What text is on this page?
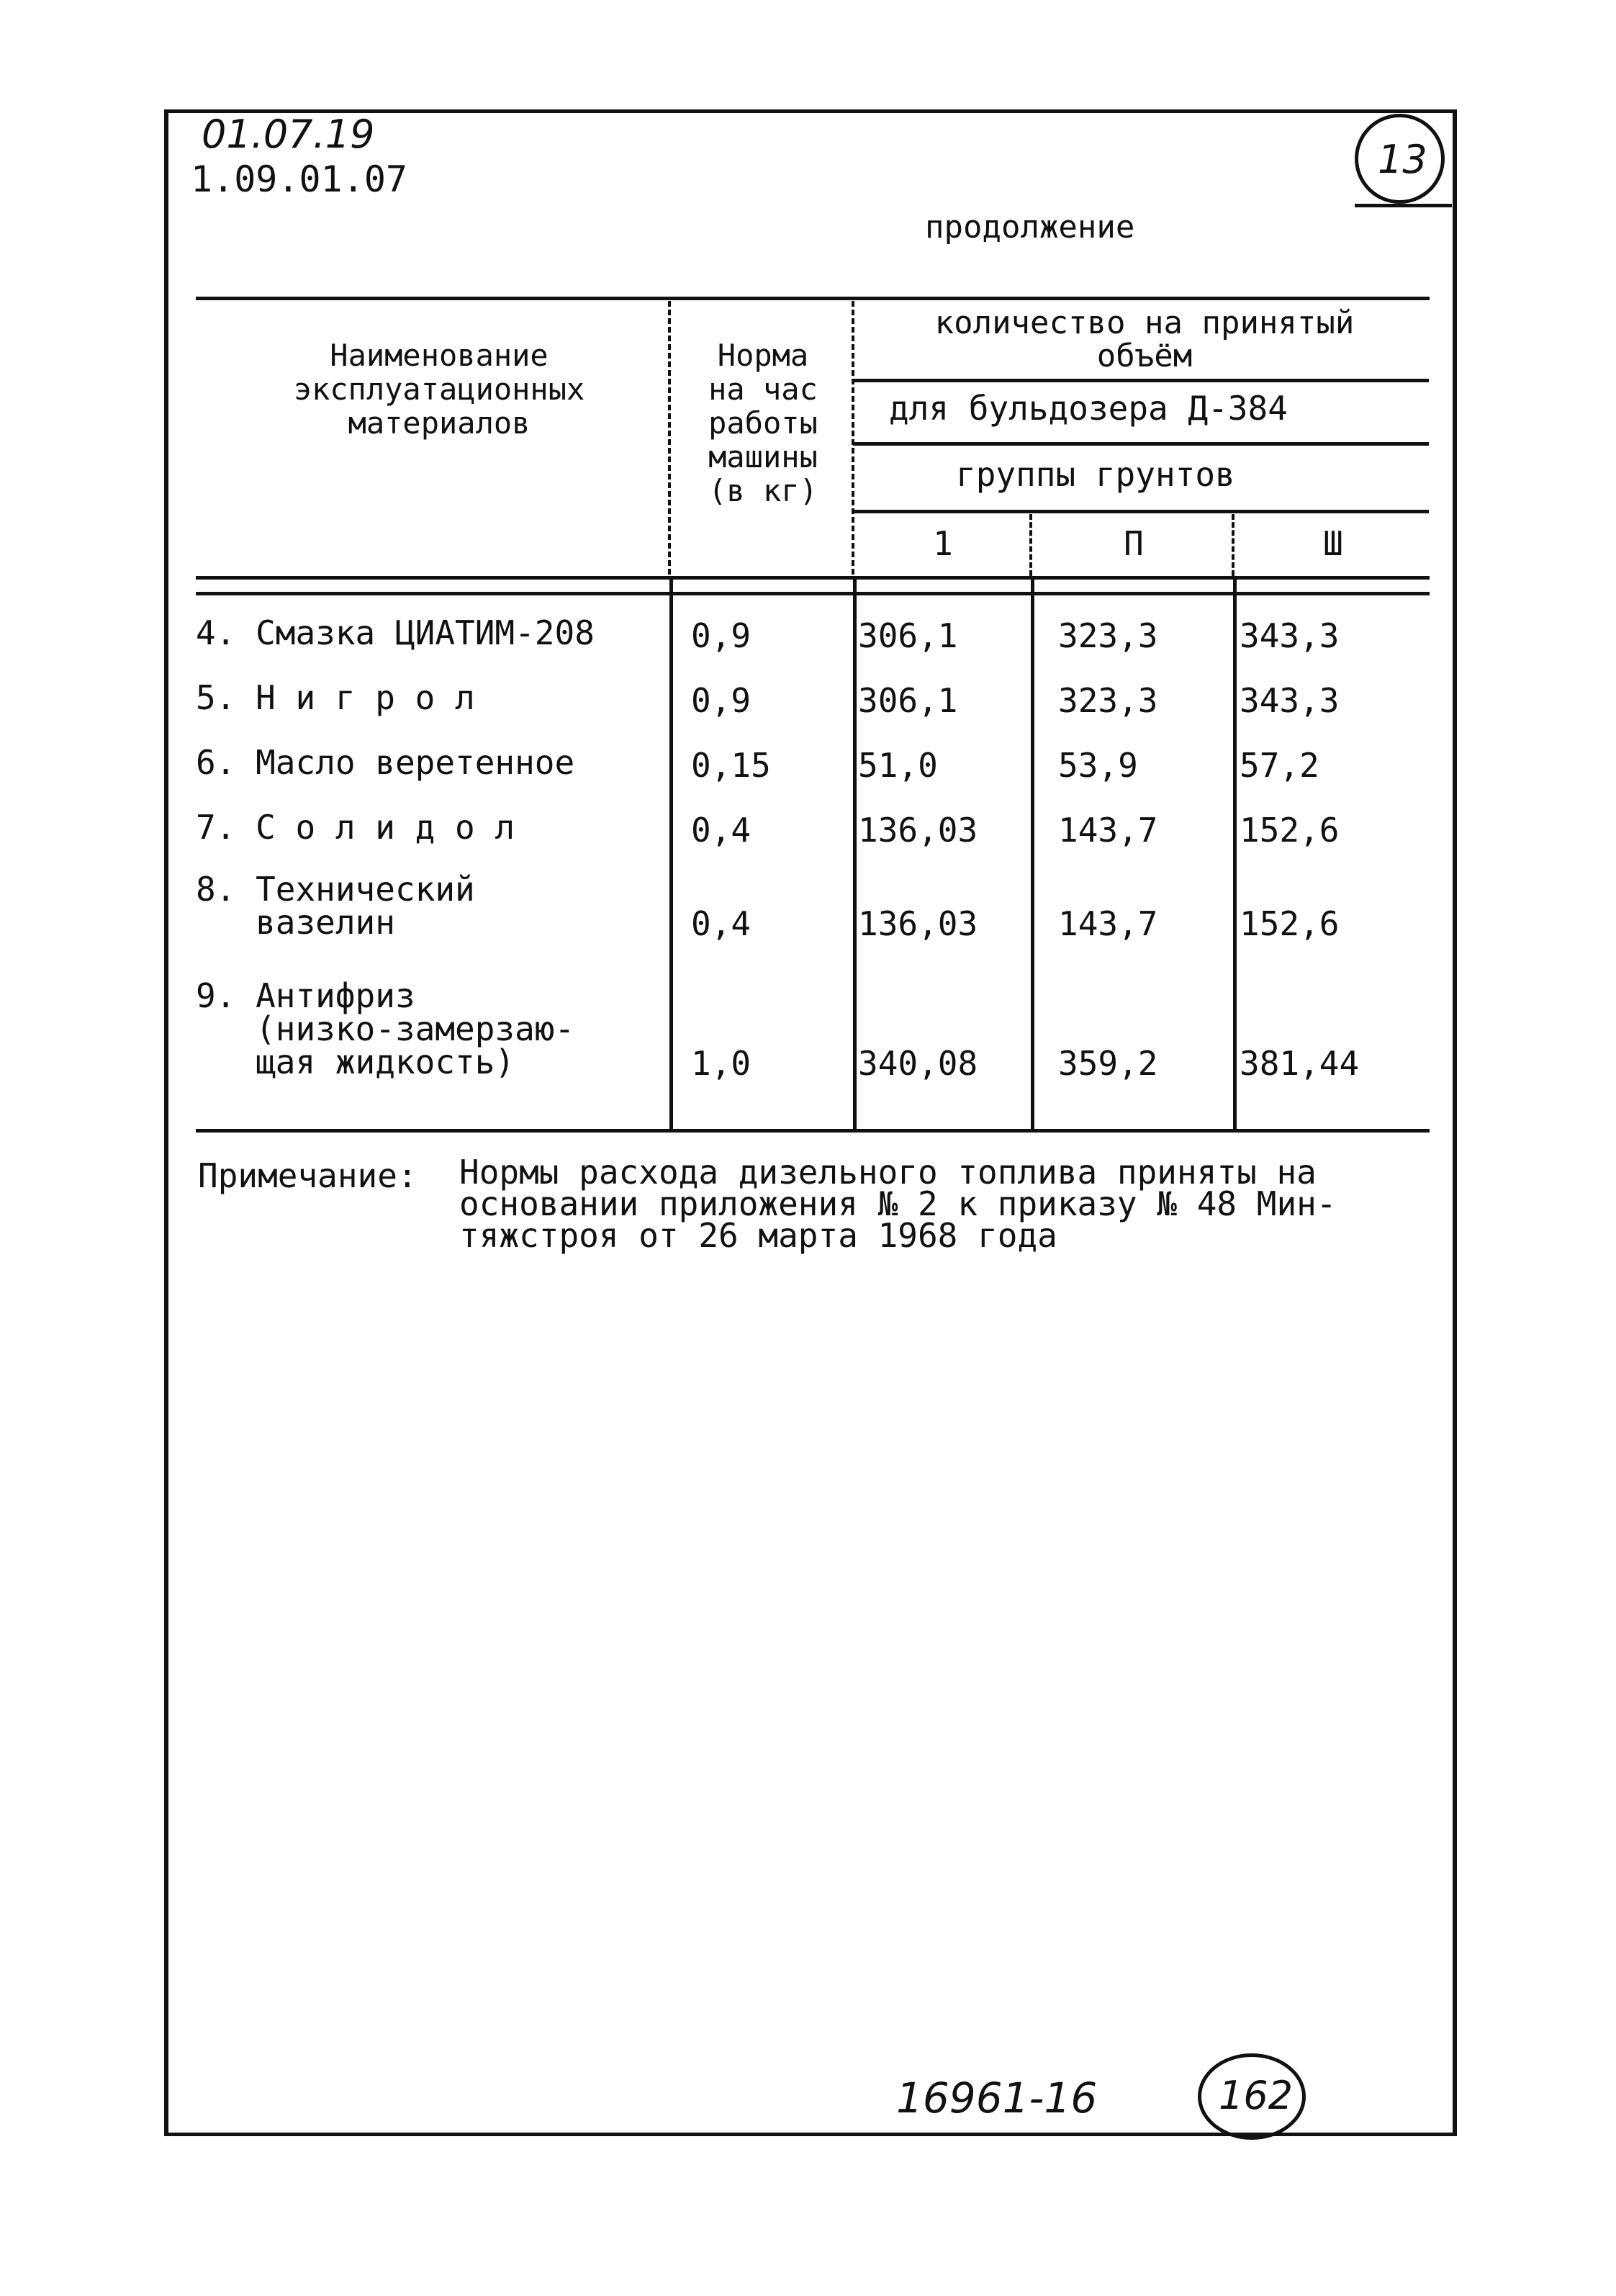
01.07.19
1.09.01.07	13
продолжение
Наименование
эксплуатационных
материалов
Норма
на час
работы
машины
(в кг)
количество на принятый
объём
для бульдозера Д-384
группы грунтов
1	П	Ш
4. Смазка ЦИАТИМ-208	0,9	306,1	323,3 343,3
5. Н и г р о л	0,9	306,1	323,3 343,3
6. Масло веретенное	0,15	51,0	53,9	57,2
7. С о л и д о л	0,4	136,03 143,7 152,6
8. Технический
вазелин	0,4	136,03 143,7 152,6
9. Антифриз
(низко-замерзаю-
щая жидкость)	1,0	340,08 359,2 381,44
Примечание: Нормы расхода дизельного топлива приняты на
основании приложения № 2 к приказу № 48 Мин-
тяжстроя от 26 марта 1968 года
16961-16	162
